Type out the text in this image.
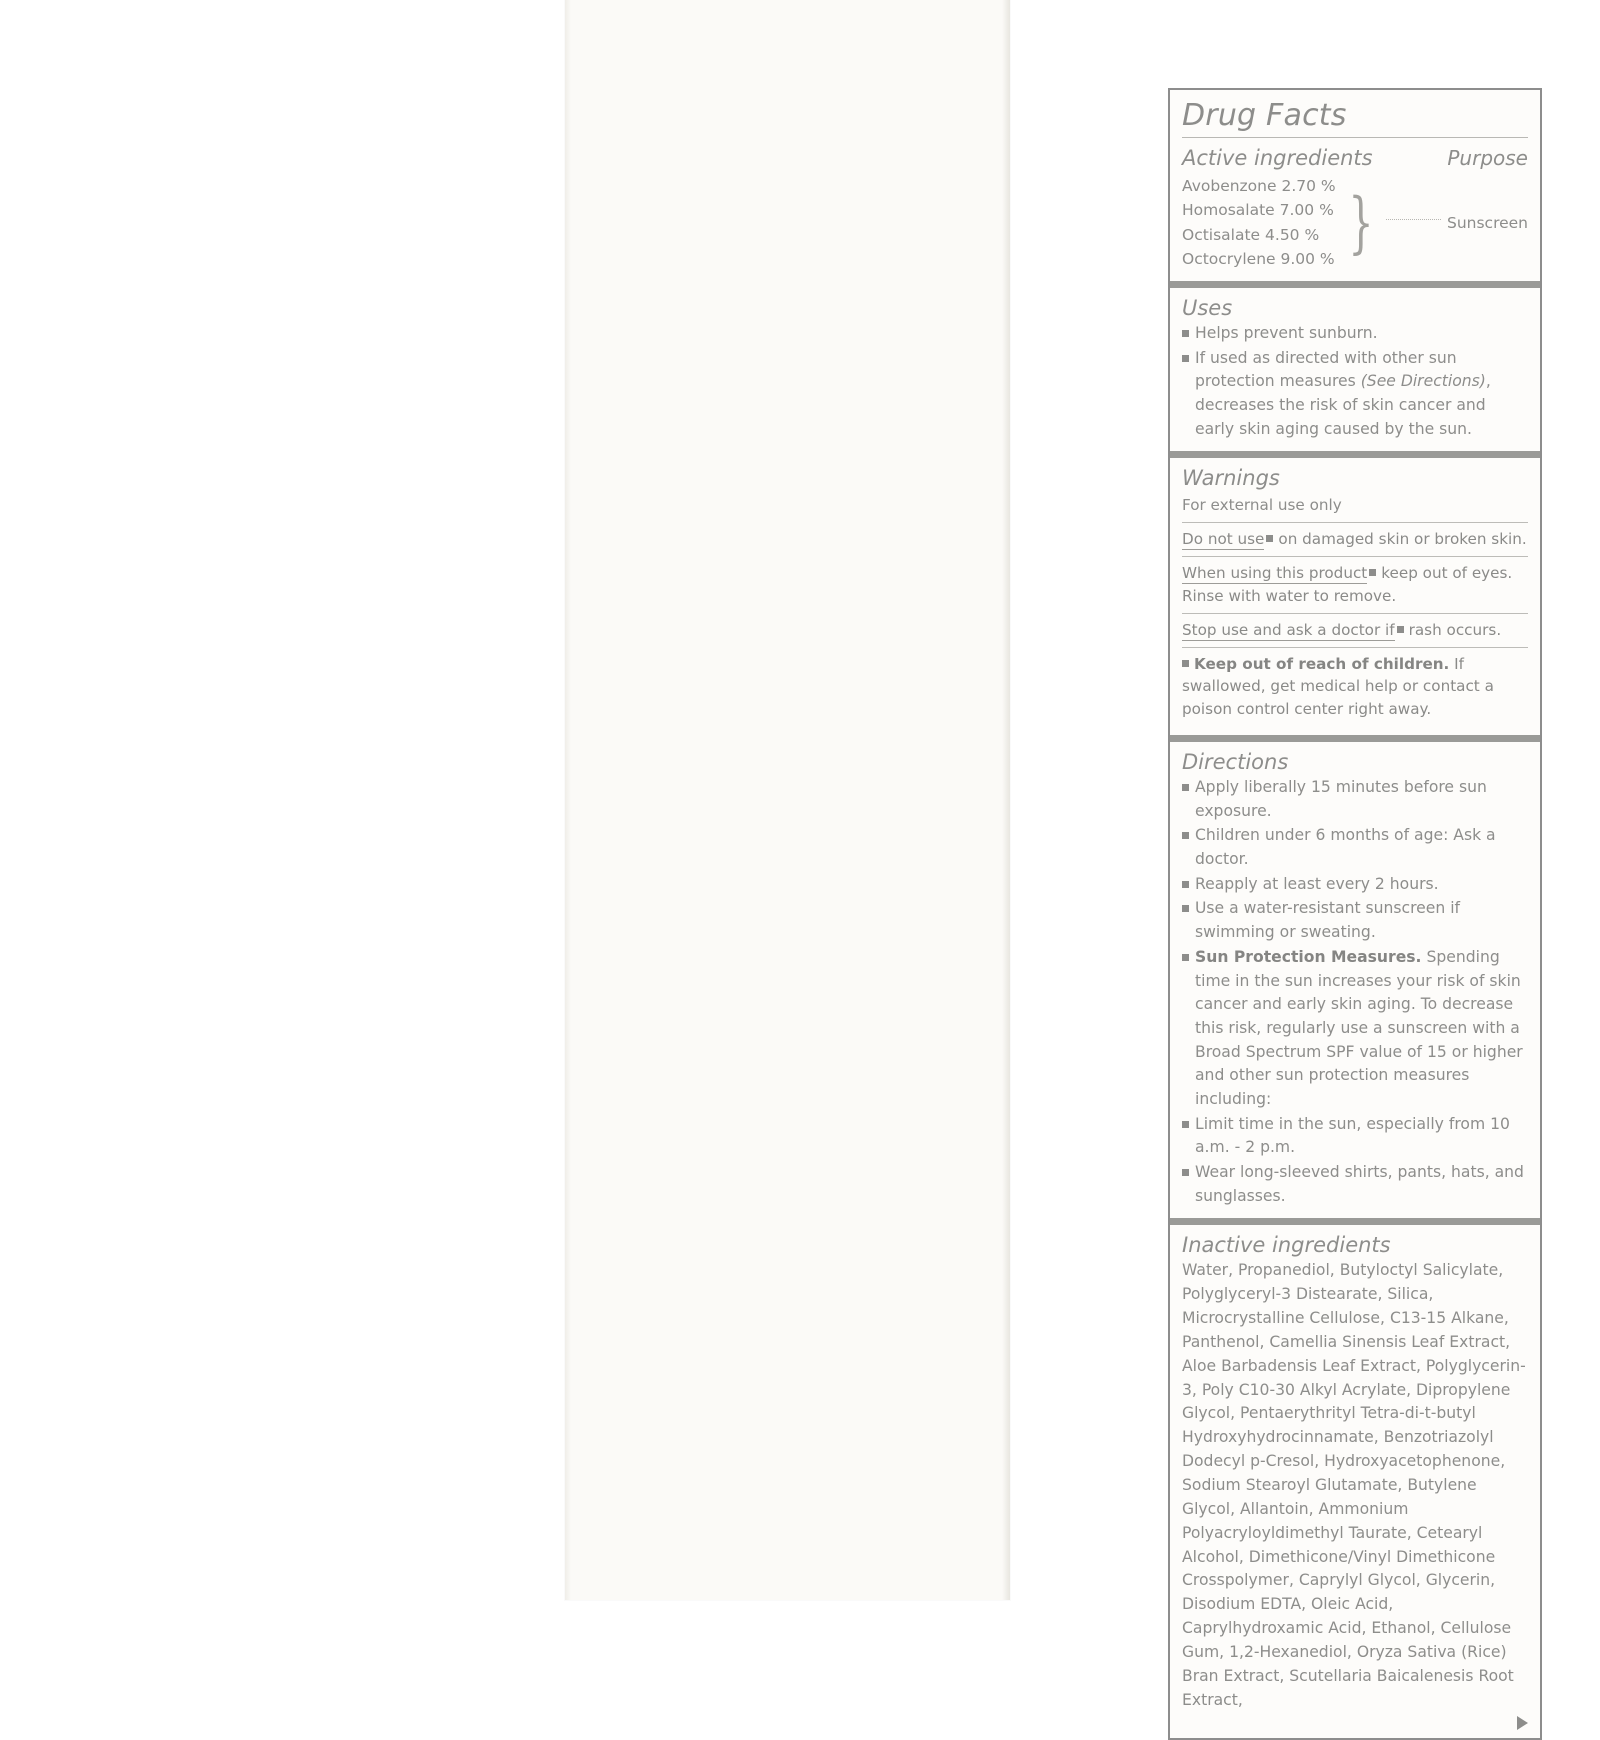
Drug Facts
Active ingredients	Purpose
Avobenzone 2.70 %
Homosalate 7.00 %
Octisalate 4.50 %
Octocrylene 9.00 % }	Sunscreen
Uses
Helps prevent sunburn.
If used as directed with other sun protection measures (See Directions), decreases the risk of skin cancer and early skin aging caused by the sun.
Warnings
For external use only
Do not use on damaged skin or broken skin.
When using this product keep out of eyes. Rinse with water to remove.
Stop use and ask a doctor if rash occurs.
Keep out of reach of children. If swallowed, get medical help or contact a poison control center right away.
Directions
Apply liberally 15 minutes before sun exposure.
Children under 6 months of age: Ask a doctor.
Reapply at least every 2 hours.
Use a water-resistant sunscreen if swimming or sweating.
Sun Protection Measures. Spending time in the sun increases your risk of skin cancer and early skin aging. To decrease this risk, regularly use a sunscreen with a Broad Spectrum SPF value of 15 or higher and other sun protection measures including:
Limit time in the sun, especially from 10 a.m. - 2 p.m.
Wear long-sleeved shirts, pants, hats, and sunglasses.
Inactive ingredients
Water, Propanediol, Butyloctyl Salicylate, Polyglyceryl-3 Distearate, Silica, Microcrystalline Cellulose, C13-15 Alkane, Panthenol, Camellia Sinensis Leaf Extract, Aloe Barbadensis Leaf Extract, Polyglycerin-3, Poly C10-30 Alkyl Acrylate, Dipropylene Glycol, Pentaerythrityl Tetra-di-t-butyl Hydroxyhydrocinnamate, Benzotriazolyl Dodecyl p-Cresol, Hydroxyacetophenone, Sodium Stearoyl Glutamate, Butylene Glycol, Allantoin, Ammonium Polyacryloyldimethyl Taurate, Cetearyl Alcohol, Dimethicone/Vinyl Dimethicone Crosspolymer, Caprylyl Glycol, Glycerin, Disodium EDTA, Oleic Acid, Caprylhydroxamic Acid, Ethanol, Cellulose Gum, 1,2-Hexanediol, Oryza Sativa (Rice) Bran Extract, Scutellaria Baicalenesis Root Extract,
